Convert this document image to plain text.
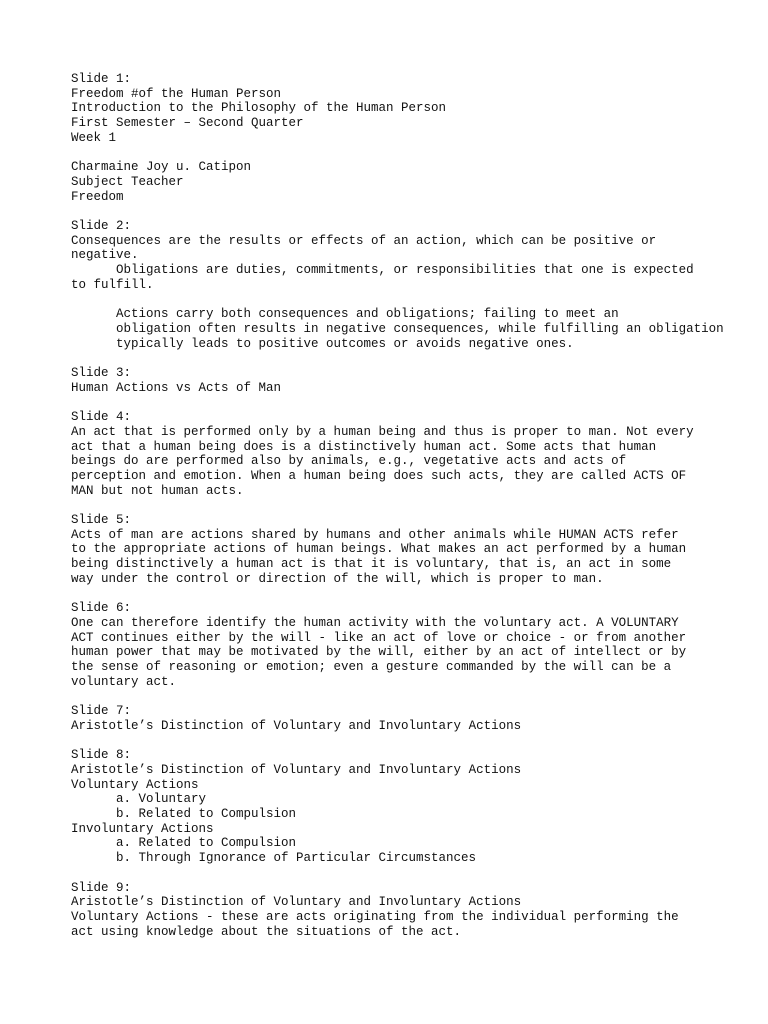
Slide 1:
Freedom #of the Human Person
Introduction to the Philosophy of the Human Person
First Semester – Second Quarter
Week 1
Charmaine Joy u. Catipon
Subject Teacher
Freedom
Slide 2:
Consequences are the results or effects of an action, which can be positive or
negative.
Obligations are duties, commitments, or responsibilities that one is expected
to fulfill.
Actions carry both consequences and obligations; failing to meet an
obligation often results in negative consequences, while fulfilling an obligation
typically leads to positive outcomes or avoids negative ones.
Slide 3:
Human Actions vs Acts of Man
Slide 4:
An act that is performed only by a human being and thus is proper to man. Not every
act that a human being does is a distinctively human act. Some acts that human
beings do are performed also by animals, e.g., vegetative acts and acts of
perception and emotion. When a human being does such acts, they are called ACTS OF
MAN but not human acts.
Slide 5:
Acts of man are actions shared by humans and other animals while HUMAN ACTS refer
to the appropriate actions of human beings. What makes an act performed by a human
being distinctively a human act is that it is voluntary, that is, an act in some
way under the control or direction of the will, which is proper to man.
Slide 6:
One can therefore identify the human activity with the voluntary act. A VOLUNTARY
ACT continues either by the will - like an act of love or choice - or from another
human power that may be motivated by the will, either by an act of intellect or by
the sense of reasoning or emotion; even a gesture commanded by the will can be a
voluntary act.
Slide 7:
Aristotle’s Distinction of Voluntary and Involuntary Actions
Slide 8:
Aristotle’s Distinction of Voluntary and Involuntary Actions
Voluntary Actions
a. Voluntary
b. Related to Compulsion
Involuntary Actions
a. Related to Compulsion
b. Through Ignorance of Particular Circumstances
Slide 9:
Aristotle’s Distinction of Voluntary and Involuntary Actions
Voluntary Actions - these are acts originating from the individual performing the
act using knowledge about the situations of the act.
